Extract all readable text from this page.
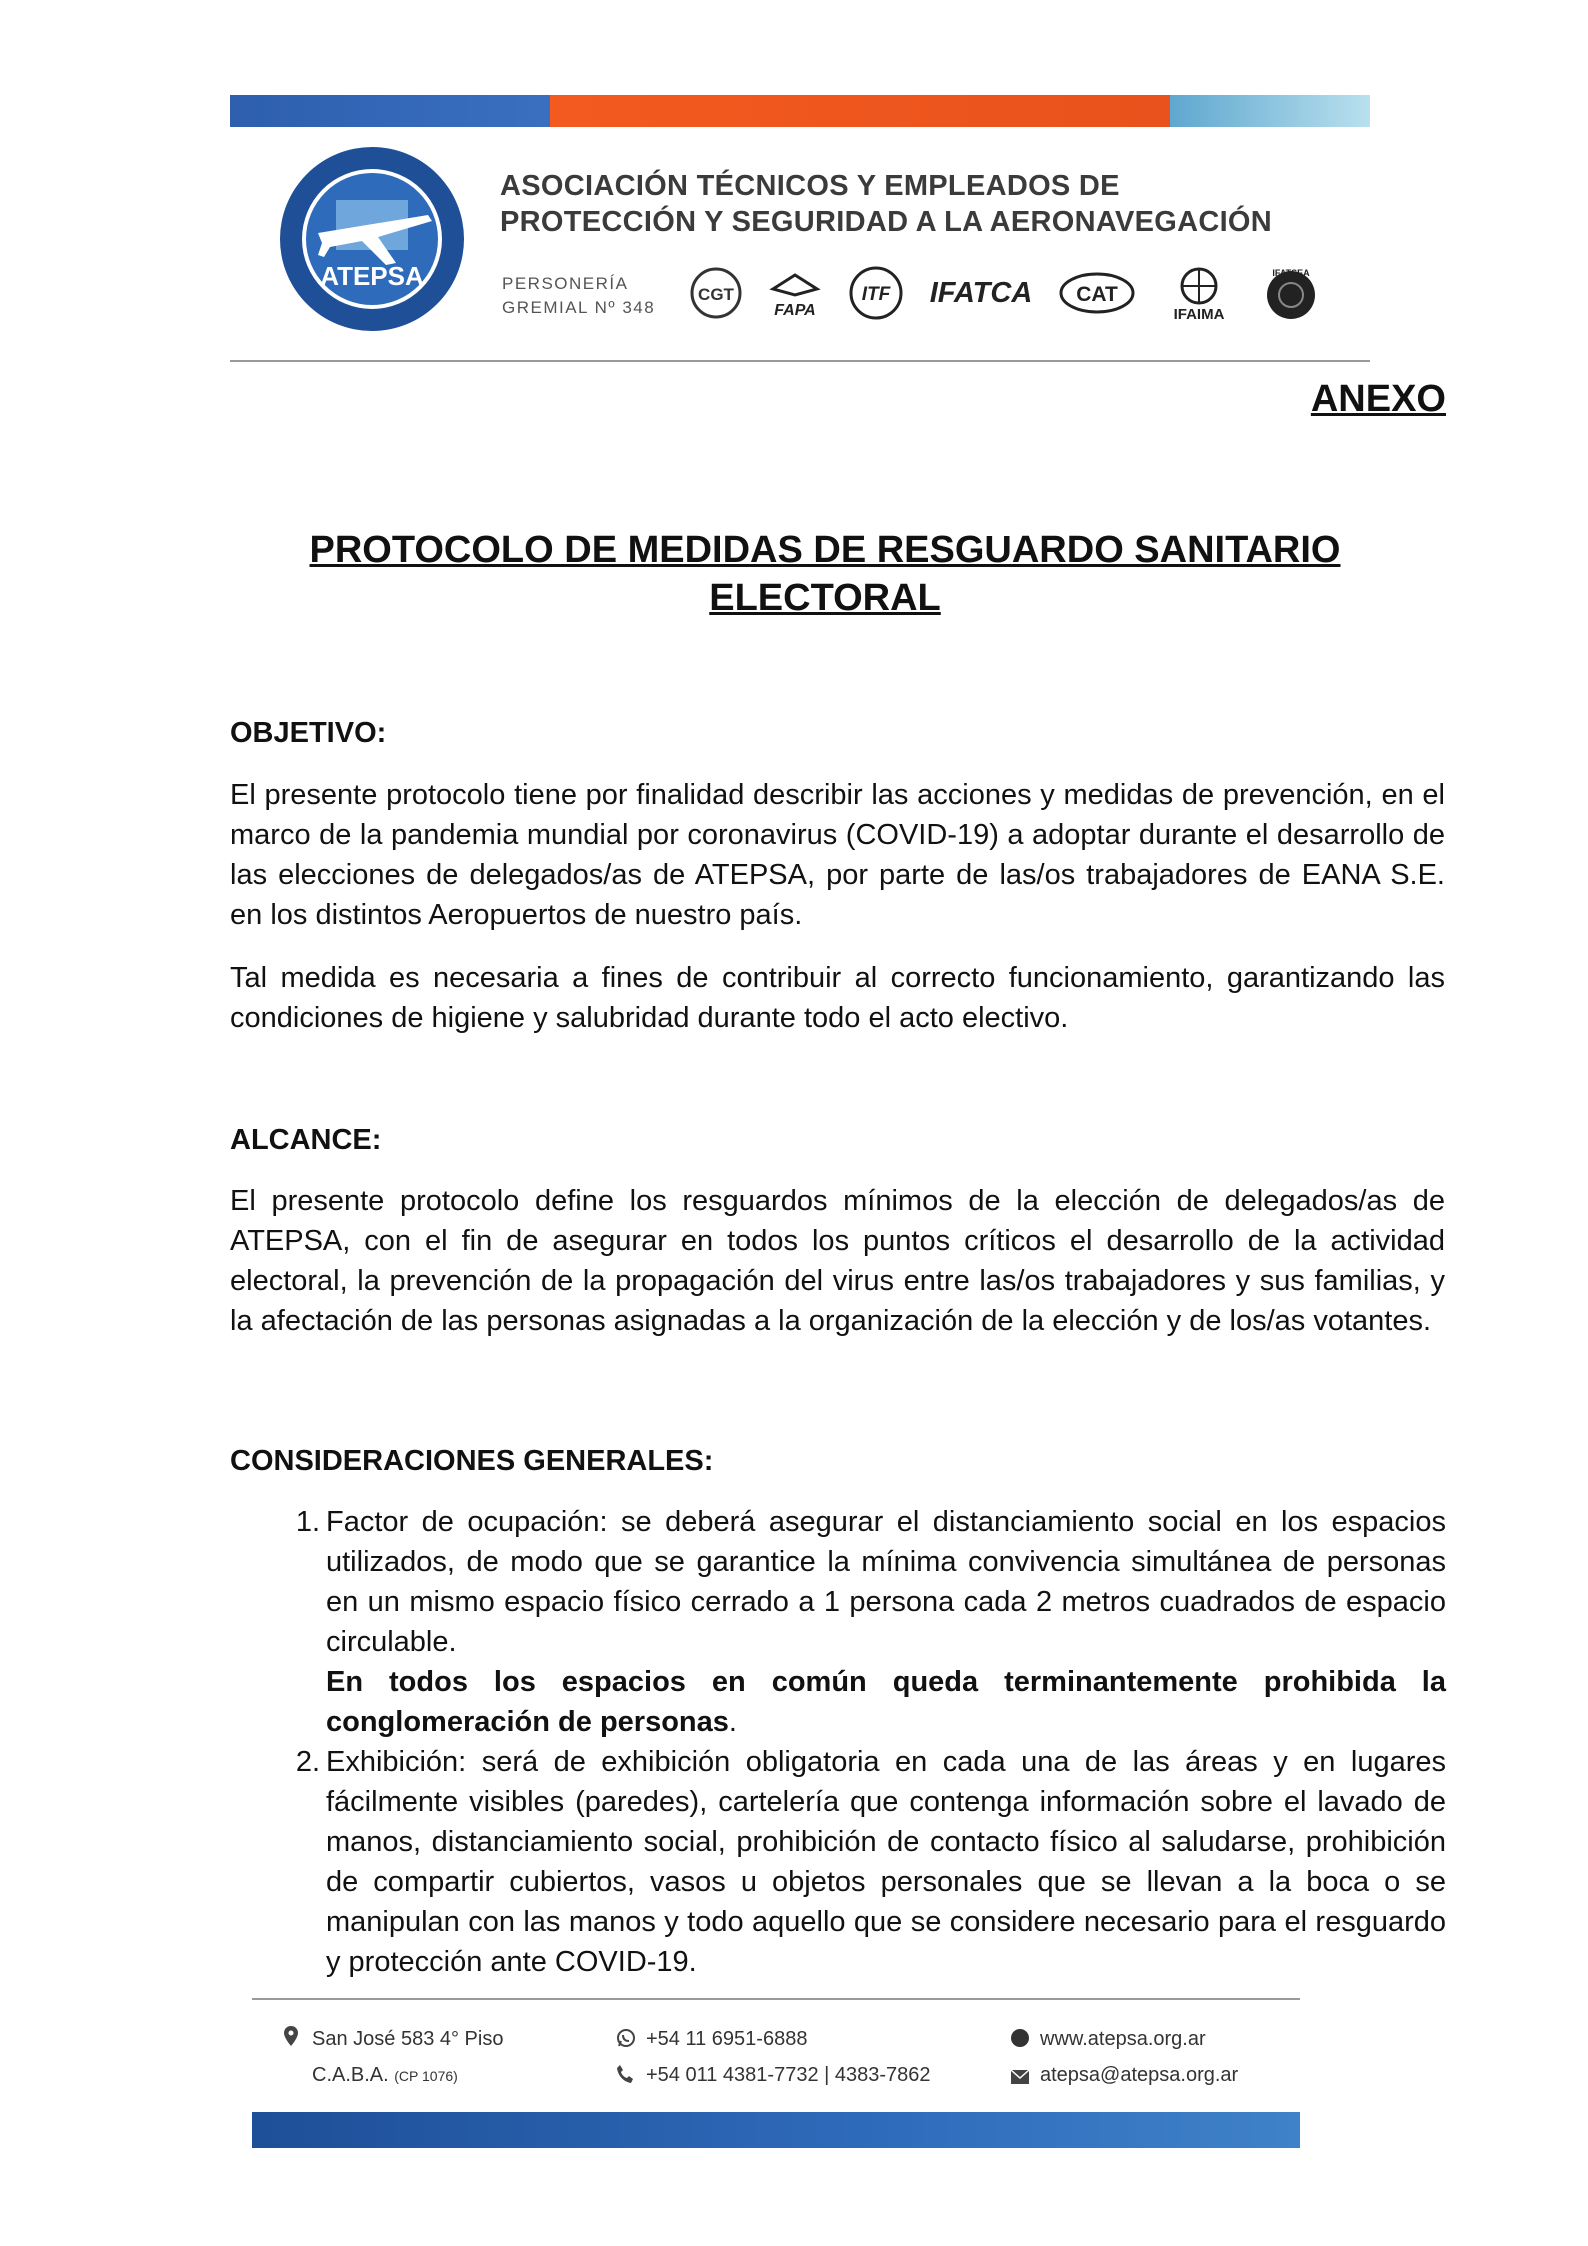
ATEPSA
ASOCIACIÓN TÉCNICOS Y EMPLEADOS DE
PROTECCIÓN Y SEGURIDAD A LA AERONAVEGACIÓN
PERSONERÍA
GREMIAL Nº 348
CGT
FAPA
ITF IFATCA CAT
IFAIMA
IFATSEA
ANEXO
PROTOCOLO DE MEDIDAS DE RESGUARDO SANITARIO
ELECTORAL
OBJETIVO:

El presente protocolo tiene por finalidad describir las acciones y medidas de prevención, en el marco de la pandemia mundial por coronavirus (COVID-19) a adoptar durante el desarrollo de las elecciones de delegados/as de ATEPSA, por parte de las/os trabajadores de EANA S.E. en los distintos Aeropuertos de nuestro país.

Tal medida es necesaria a fines de contribuir al correcto funcionamiento, garantizando las condiciones de higiene y salubridad durante todo el acto electivo.

ALCANCE:

El presente protocolo define los resguardos mínimos de la elección de delegados/as de ATEPSA, con el fin de asegurar en todos los puntos críticos el desarrollo de la actividad electoral, la prevención de la propagación del virus entre las/os trabajadores y sus familias, y la afectación de las personas asignadas a la organización de la elección y de los/as votantes.

CONSIDERACIONES GENERALES:
1. Factor de ocupación: se deberá asegurar el distanciamiento social en los espacios utilizados, de modo que se garantice la mínima convivencia simultánea de personas en un mismo espacio físico cerrado a 1 persona cada 2 metros cuadrados de espacio circulable.
En todos los espacios en común queda terminantemente prohibida la conglomeración de personas.
2. Exhibición: será de exhibición obligatoria en cada una de las áreas y en lugares fácilmente visibles (paredes), cartelería que contenga información sobre el lavado de manos, distanciamiento social, prohibición de contacto físico al saludarse, prohibición de compartir cubiertos, vasos u objetos personales que se llevan a la boca o se manipulan con las manos y todo aquello que se considere necesario para el resguardo y protección ante COVID-19.
San José 583 4° Piso
C.A.B.A. (CP 1076)
+54 11 6951-6888
+54 011 4381-7732 | 4383-7862
www.atepsa.org.ar
atepsa@atepsa.org.ar
